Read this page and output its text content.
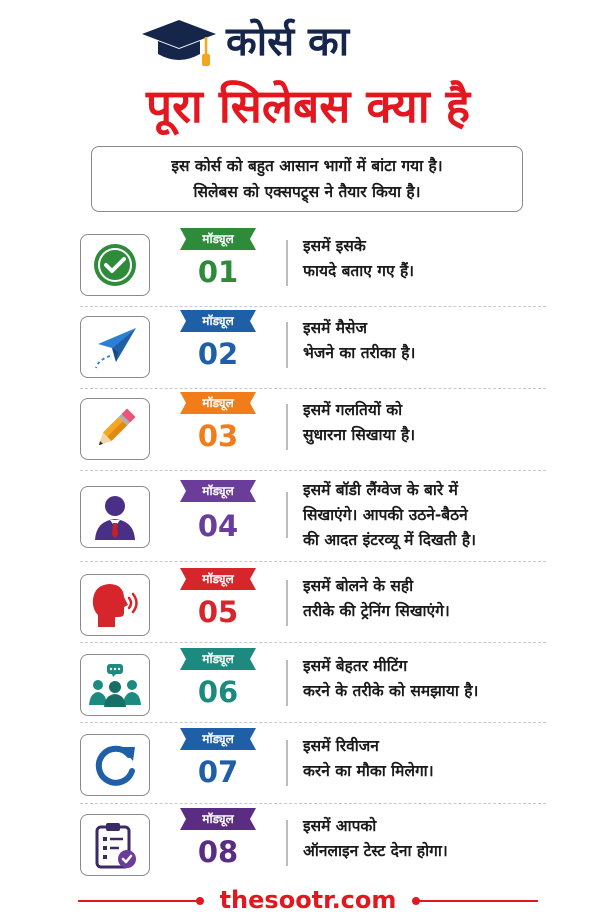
कोर्स का
पूरा सिलेबस क्या है
इस कोर्स को बहुत आसान भागों में बांटा गया है।
सिलेबस को एक्सपट्र्स ने तैयार किया है।
मॉड्यूल
01
इसमें इसके
फायदे बताए गए हैं।
मॉड्यूल
02
इसमें मैसेज
भेजने का तरीका है।
मॉड्यूल
03
इसमें गलतियों को
सुधारना सिखाया है।
मॉड्यूल
04
इसमें बॉडी लैंग्वेज के बारे में
सिखाएंगे। आपकी उठने-बैठने
की आदत इंटरव्यू में दिखती है।
मॉड्यूल
05
इसमें बोलने के सही
तरीके की ट्रेनिंग सिखाएंगे।
मॉड्यूल
06
इसमें बेहतर मीटिंग
करने के तरीके को समझाया है।
मॉड्यूल
07
इसमें रिवीजन
करने का मौका मिलेगा।
मॉड्यूल
08
इसमें आपको
ऑनलाइन टेस्ट देना होगा।
thesootr.com
